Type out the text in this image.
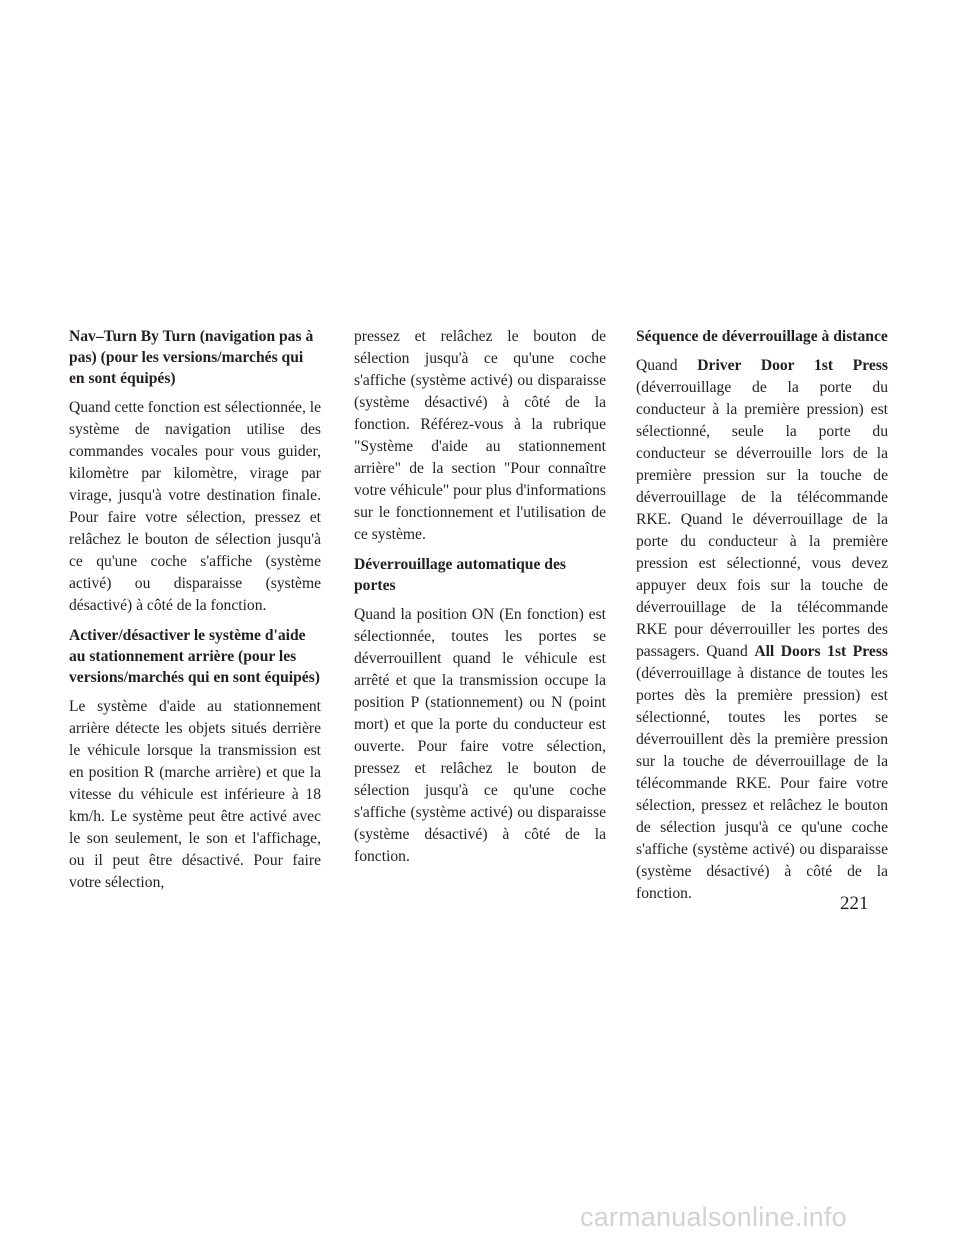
Nav–Turn By Turn (navigation pas à pas) (pour les versions/marchés qui en sont équipés)

Quand cette fonction est sélectionnée, le système de navigation utilise des commandes vocales pour vous guider, kilomètre par kilomètre, virage par virage, jusqu'à votre destination finale. Pour faire votre sélection, pressez et relâchez le bouton de sélection jusqu'à ce qu'une coche s'affiche (système activé) ou disparaisse (système désactivé) à côté de la fonction.

Activer/désactiver le système d'aide au stationnement arrière (pour les versions/marchés qui en sont équipés)

Le système d'aide au stationnement arrière détecte les objets situés derrière le véhicule lorsque la transmission est en position R (marche arrière) et que la vitesse du véhicule est inférieure à 18 km/h. Le système peut être activé avec le son seulement, le son et l'affichage, ou il peut être désactivé. Pour faire votre sélection,

pressez et relâchez le bouton de sélection jusqu'à ce qu'une coche s'affiche (système activé) ou disparaisse (système désactivé) à côté de la fonction. Référez-vous à la rubrique "Système d'aide au stationnement arrière" de la section "Pour connaître votre véhicule" pour plus d'informations sur le fonctionnement et l'utilisation de ce système.

Déverrouillage automatique des portes

Quand la position ON (En fonction) est sélectionnée, toutes les portes se déverrouillent quand le véhicule est arrêté et que la transmission occupe la position P (stationnement) ou N (point mort) et que la porte du conducteur est ouverte. Pour faire votre sélection, pressez et relâchez le bouton de sélection jusqu'à ce qu'une coche s'affiche (système activé) ou disparaisse (système désactivé) à côté de la fonction.

Séquence de déverrouillage à distance

Quand Driver Door 1st Press (déverrouillage de la porte du conducteur à la première pression) est sélectionné, seule la porte du conducteur se déverrouille lors de la première pression sur la touche de déverrouillage de la télécommande RKE. Quand le déverrouillage de la porte du conducteur à la première pression est sélectionné, vous devez appuyer deux fois sur la touche de déverrouillage de la télécommande RKE pour déverrouiller les portes des passagers. Quand All Doors 1st Press (déverrouillage à distance de toutes les portes dès la première pression) est sélectionné, toutes les portes se déverrouillent dès la première pression sur la touche de déverrouillage de la télécommande RKE. Pour faire votre sélection, pressez et relâchez le bouton de sélection jusqu'à ce qu'une coche s'affiche (système activé) ou disparaisse (système désactivé) à côté de la fonction.	221
carmanualsonline.info
